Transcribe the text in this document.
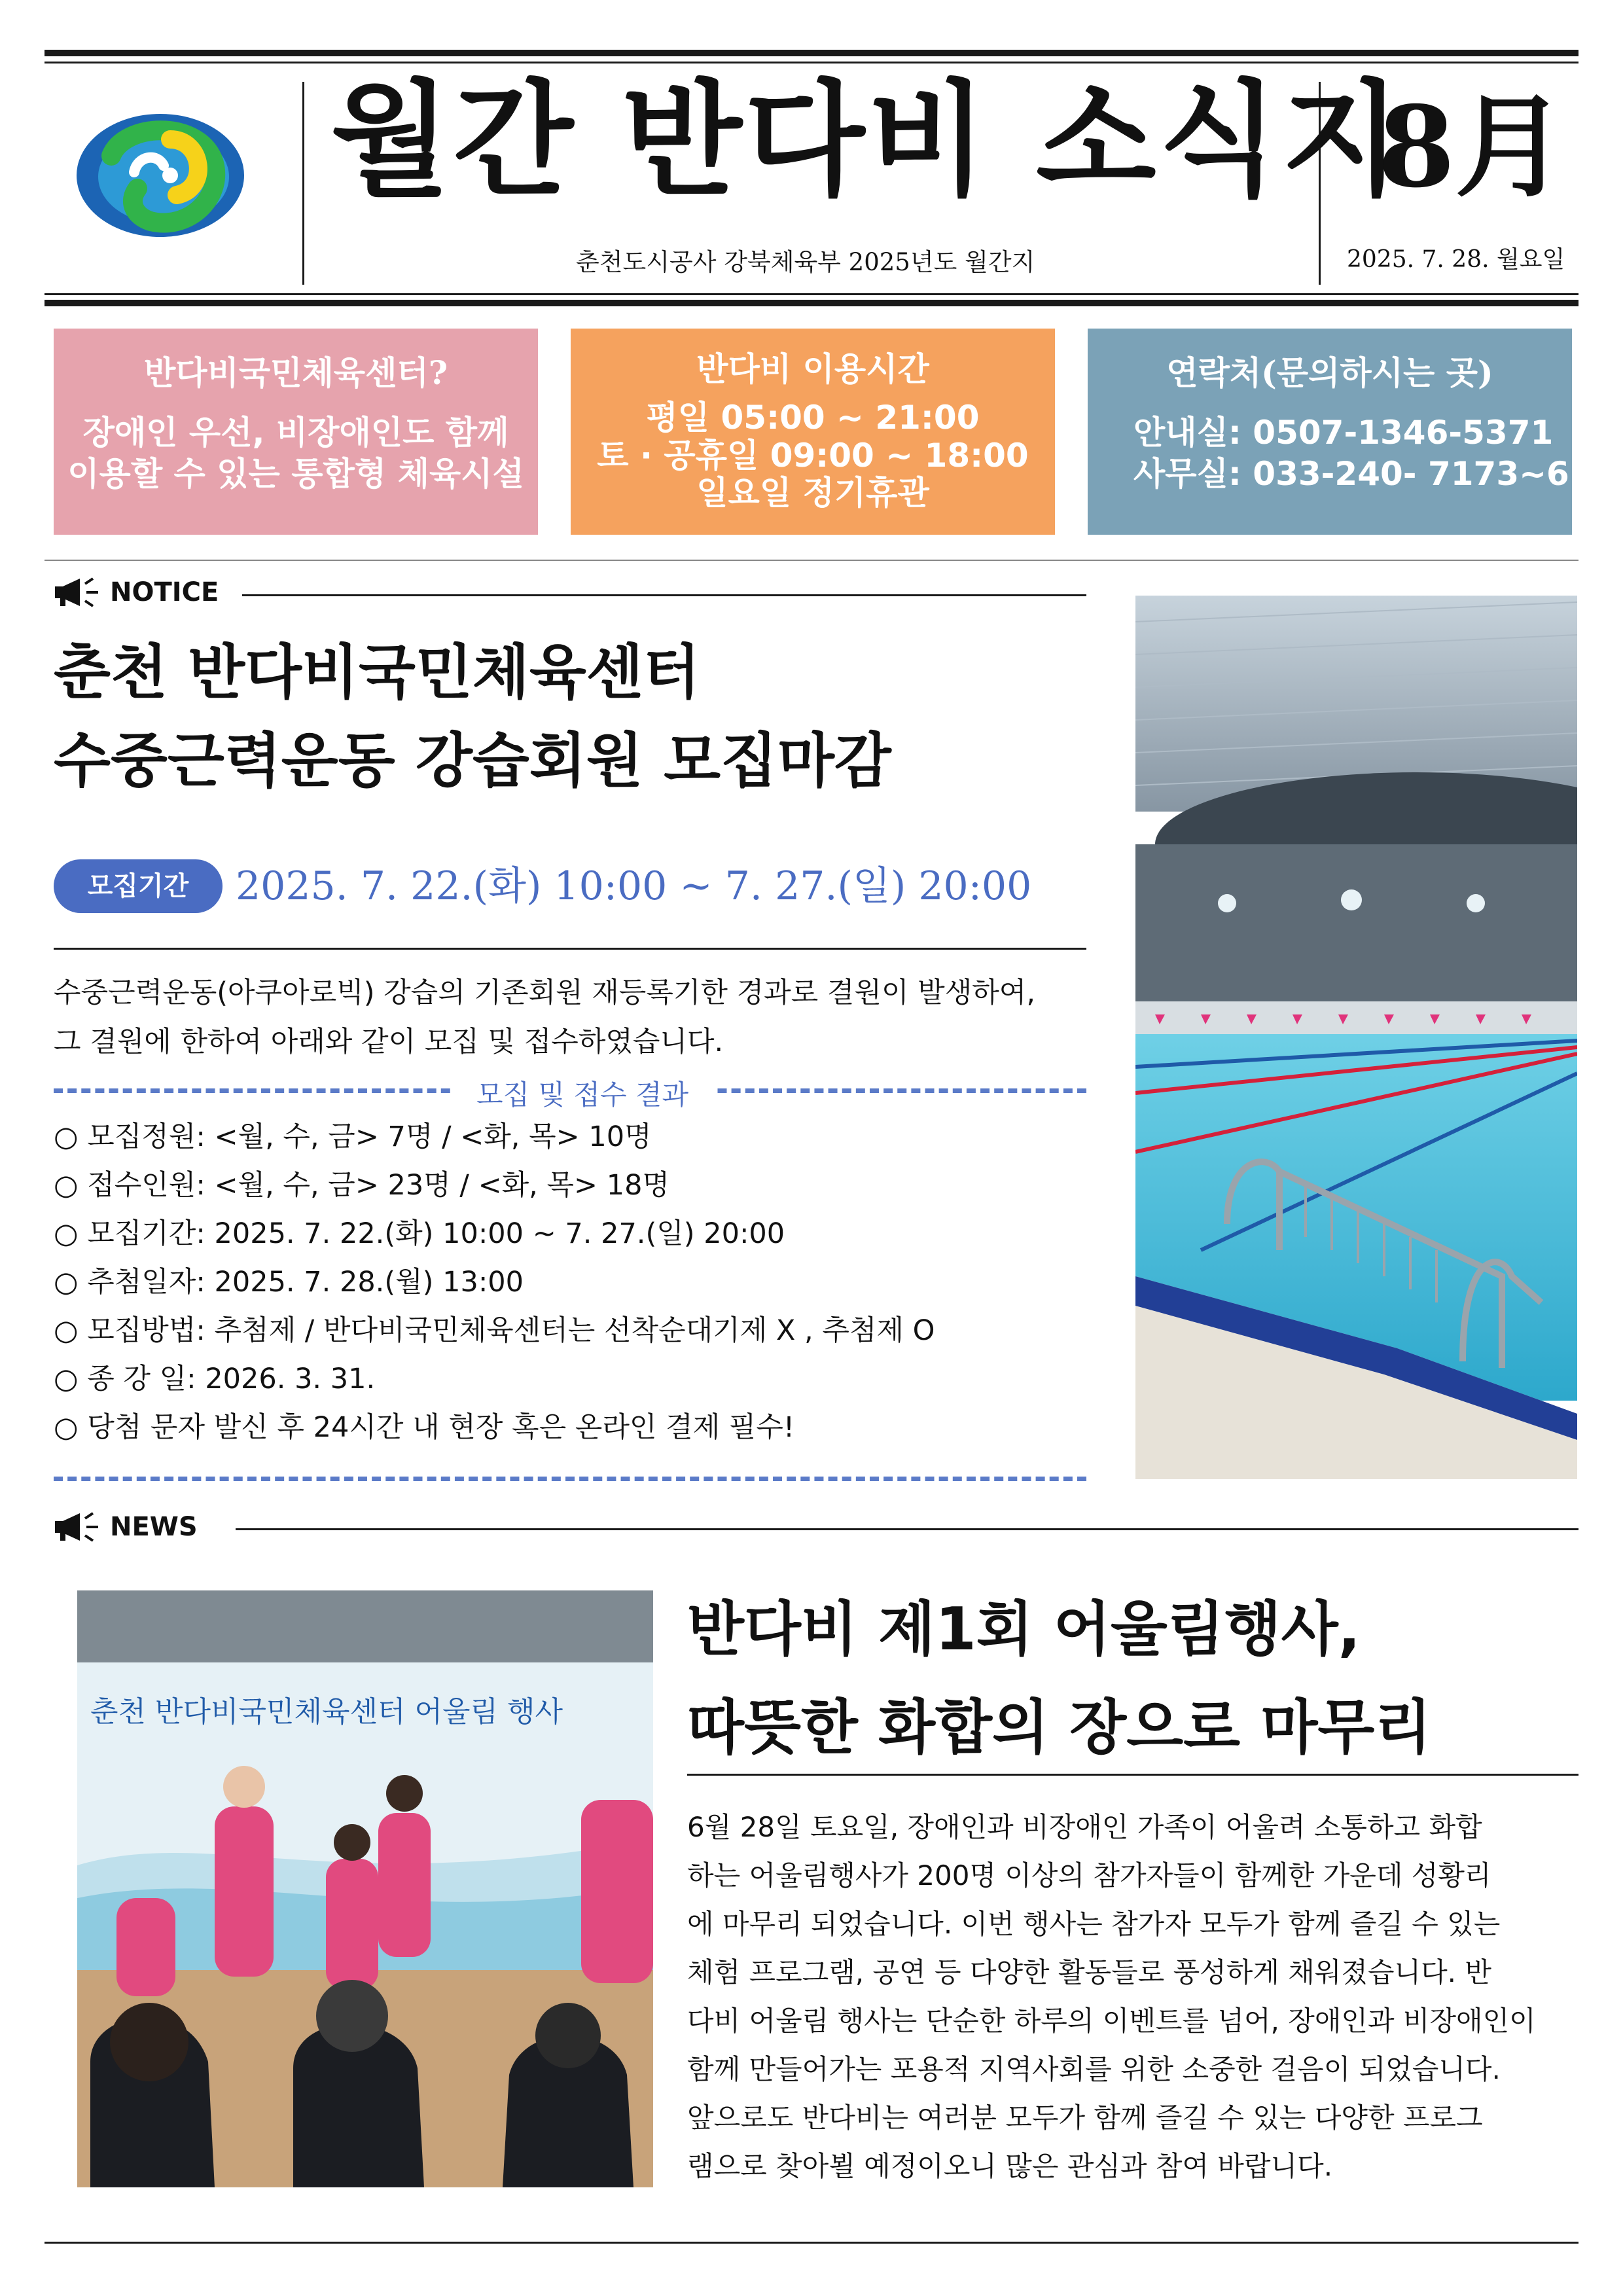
월간 반다비 소식지
춘천도시공사 강북체육부 2025년도 월간지
8月
2025. 7. 28. 월요일
반다비국민체육센터?
장애인 우선, 비장애인도 함께
이용할 수 있는 통합형 체육시설
반다비 이용시간
평일 05:00 ~ 21:00
토 · 공휴일 09:00 ~ 18:00
일요일 정기휴관
연락처(문의하시는 곳)
안내실: 0507-1346-5371
사무실: 033-240- 7173~6
NOTICE
춘천 반다비국민체육센터
수중근력운동 강습회원 모집마감
모집기간	2025. 7. 22.(화) 10:00 ~ 7. 27.(일) 20:00
수중근력운동(아쿠아로빅) 강습의 기존회원 재등록기한 경과로 결원이 발생하여,
그 결원에 한하여 아래와 같이 모집 및 접수하였습니다.
모집 및 접수 결과
○ 모집정원: <월, 수, 금> 7명 / <화, 목> 10명
○ 접수인원: <월, 수, 금> 23명 / <화, 목> 18명
○ 모집기간: 2025. 7. 22.(화) 10:00 ~ 7. 27.(일) 20:00
○ 추첨일자: 2025. 7. 28.(월) 13:00
○ 모집방법: 추첨제 / 반다비국민체육센터는 선착순대기제 X , 추첨제 O
○ 종 강 일: 2026. 3. 31.
○ 당첨 문자 발신 후 24시간 내 현장 혹은 온라인 결제 필수!
NEWS
춘천 반다비국민체육센터 어울림 행사
반다비 제1회 어울림행사,
따뜻한 화합의 장으로 마무리

6월 28일 토요일, 장애인과 비장애인 가족이 어울려 소통하고 화합

하는 어울림행사가 200명 이상의 참가자들이 함께한 가운데 성황리

에 마무리 되었습니다. 이번 행사는 참가자 모두가 함께 즐길 수 있는

체험 프로그램, 공연 등 다양한 활동들로 풍성하게 채워졌습니다. 반

다비 어울림 행사는 단순한 하루의 이벤트를 넘어, 장애인과 비장애인이

함께 만들어가는 포용적 지역사회를 위한 소중한 걸음이 되었습니다.

앞으로도 반다비는 여러분 모두가 함께 즐길 수 있는 다양한 프로그

램으로 찾아뵐 예정이오니 많은 관심과 참여 바랍니다.
